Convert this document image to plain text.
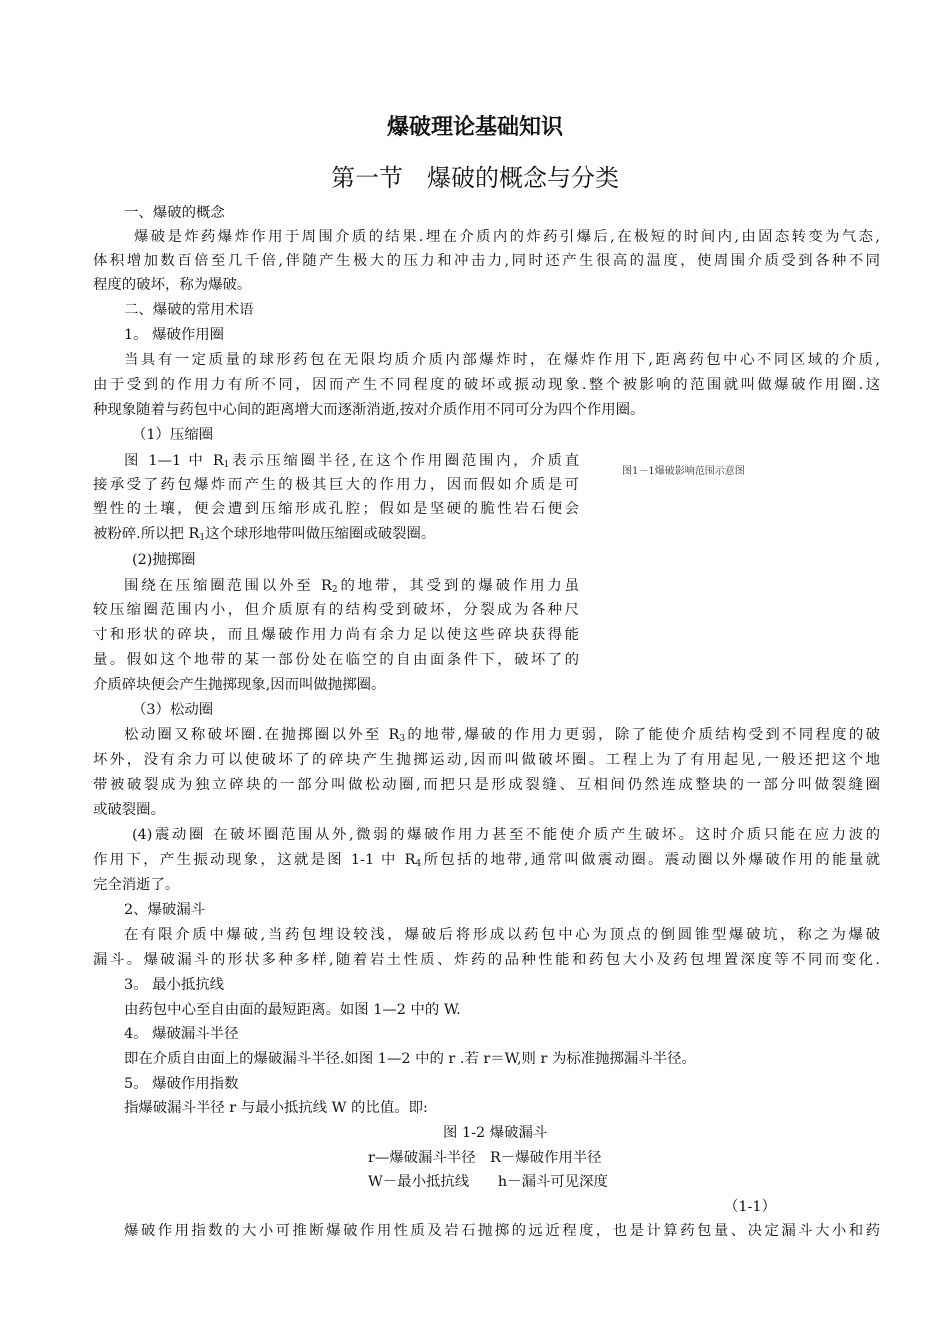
爆破理论基础知识
第一节　爆破的概念与分类
一、爆破的概念
爆破是炸药爆炸作用于周围介质的结果.埋在介质内的炸药引爆后,在极短的时间内,由固态转变为气态,
体积增加数百倍至几千倍,伴随产生极大的压力和冲击力,同时还产生很高的温度，使周围介质受到各种不同
程度的破坏，称为爆破。
二、爆破的常用术语
1。 爆破作用圈
当具有一定质量的球形药包在无限均质介质内部爆炸时，在爆炸作用下,距离药包中心不同区域的介质,
由于受到的作用力有所不同，因而产生不同程度的破坏或振动现象.整个被影响的范围就叫做爆破作用圈.这
种现象随着与药包中心间的距离增大而逐渐消逝,按对介质作用不同可分为四个作用圈。
（1）压缩圈
图 1—1 中 $R_1$表示压缩圈半径,在这个作用圈范围内，介质直
接承受了药包爆炸而产生的极其巨大的作用力，因而假如介质是可
塑性的土壤，便会遭到压缩形成孔腔；假如是坚硬的脆性岩石便会
被粉碎.所以把 $R_1$这个球形地带叫做压缩圈或破裂圈。
图1－1爆破影响范围示意图
(2)抛掷圈
围绕在压缩圈范围以外至 $R_2$的地带，其受到的爆破作用力虽
较压缩圈范围内小，但介质原有的结构受到破坏，分裂成为各种尺
寸和形状的碎块，而且爆破作用力尚有余力足以使这些碎块获得能
量。假如这个地带的某一部份处在临空的自由面条件下，破坏了的
介质碎块便会产生抛掷现象,因而叫做抛掷圈。
（3）松动圈
松动圈又称破坏圈.在抛掷圈以外至 $R_3$的地带,爆破的作用力更弱，除了能使介质结构受到不同程度的破
坏外，没有余力可以使破坏了的碎块产生抛掷运动,因而叫做破坏圈。工程上为了有用起见,一般还把这个地
带被破裂成为独立碎块的一部分叫做松动圈,而把只是形成裂缝、互相间仍然连成整块的一部分叫做裂缝圈
或破裂圈。
(4)震动圈 在破坏圈范围从外,微弱的爆破作用力甚至不能使介质产生破坏。这时介质只能在应力波的
作用下，产生振动现象，这就是图 1-1 中 $R_4$所包括的地带,通常叫做震动圈。震动圈以外爆破作用的能量就
完全消逝了。
2、爆破漏斗
在有限介质中爆破,当药包埋设较浅，爆破后将形成以药包中心为顶点的倒圆锥型爆破坑，称之为爆破
漏斗。爆破漏斗的形状多种多样,随着岩土性质、炸药的品种性能和药包大小及药包埋置深度等不同而变化.
3。 最小抵抗线
由药包中心至自由面的最短距离。如图 1—2 中的 W.
4。 爆破漏斗半径
即在介质自由面上的爆破漏斗半径.如图 1—2 中的 r .若 r＝W,则 r 为标准抛掷漏斗半径。
5。 爆破作用指数
指爆破漏斗半径 r 与最小抵抗线 W 的比值。即:
图 1-2 爆破漏斗
r—爆破漏斗半径　R－爆破作用半径
W－最小抵抗线　　h－漏斗可见深度
（1-1）
爆破作用指数的大小可推断爆破作用性质及岩石抛掷的远近程度，也是计算药包量、决定漏斗大小和药
